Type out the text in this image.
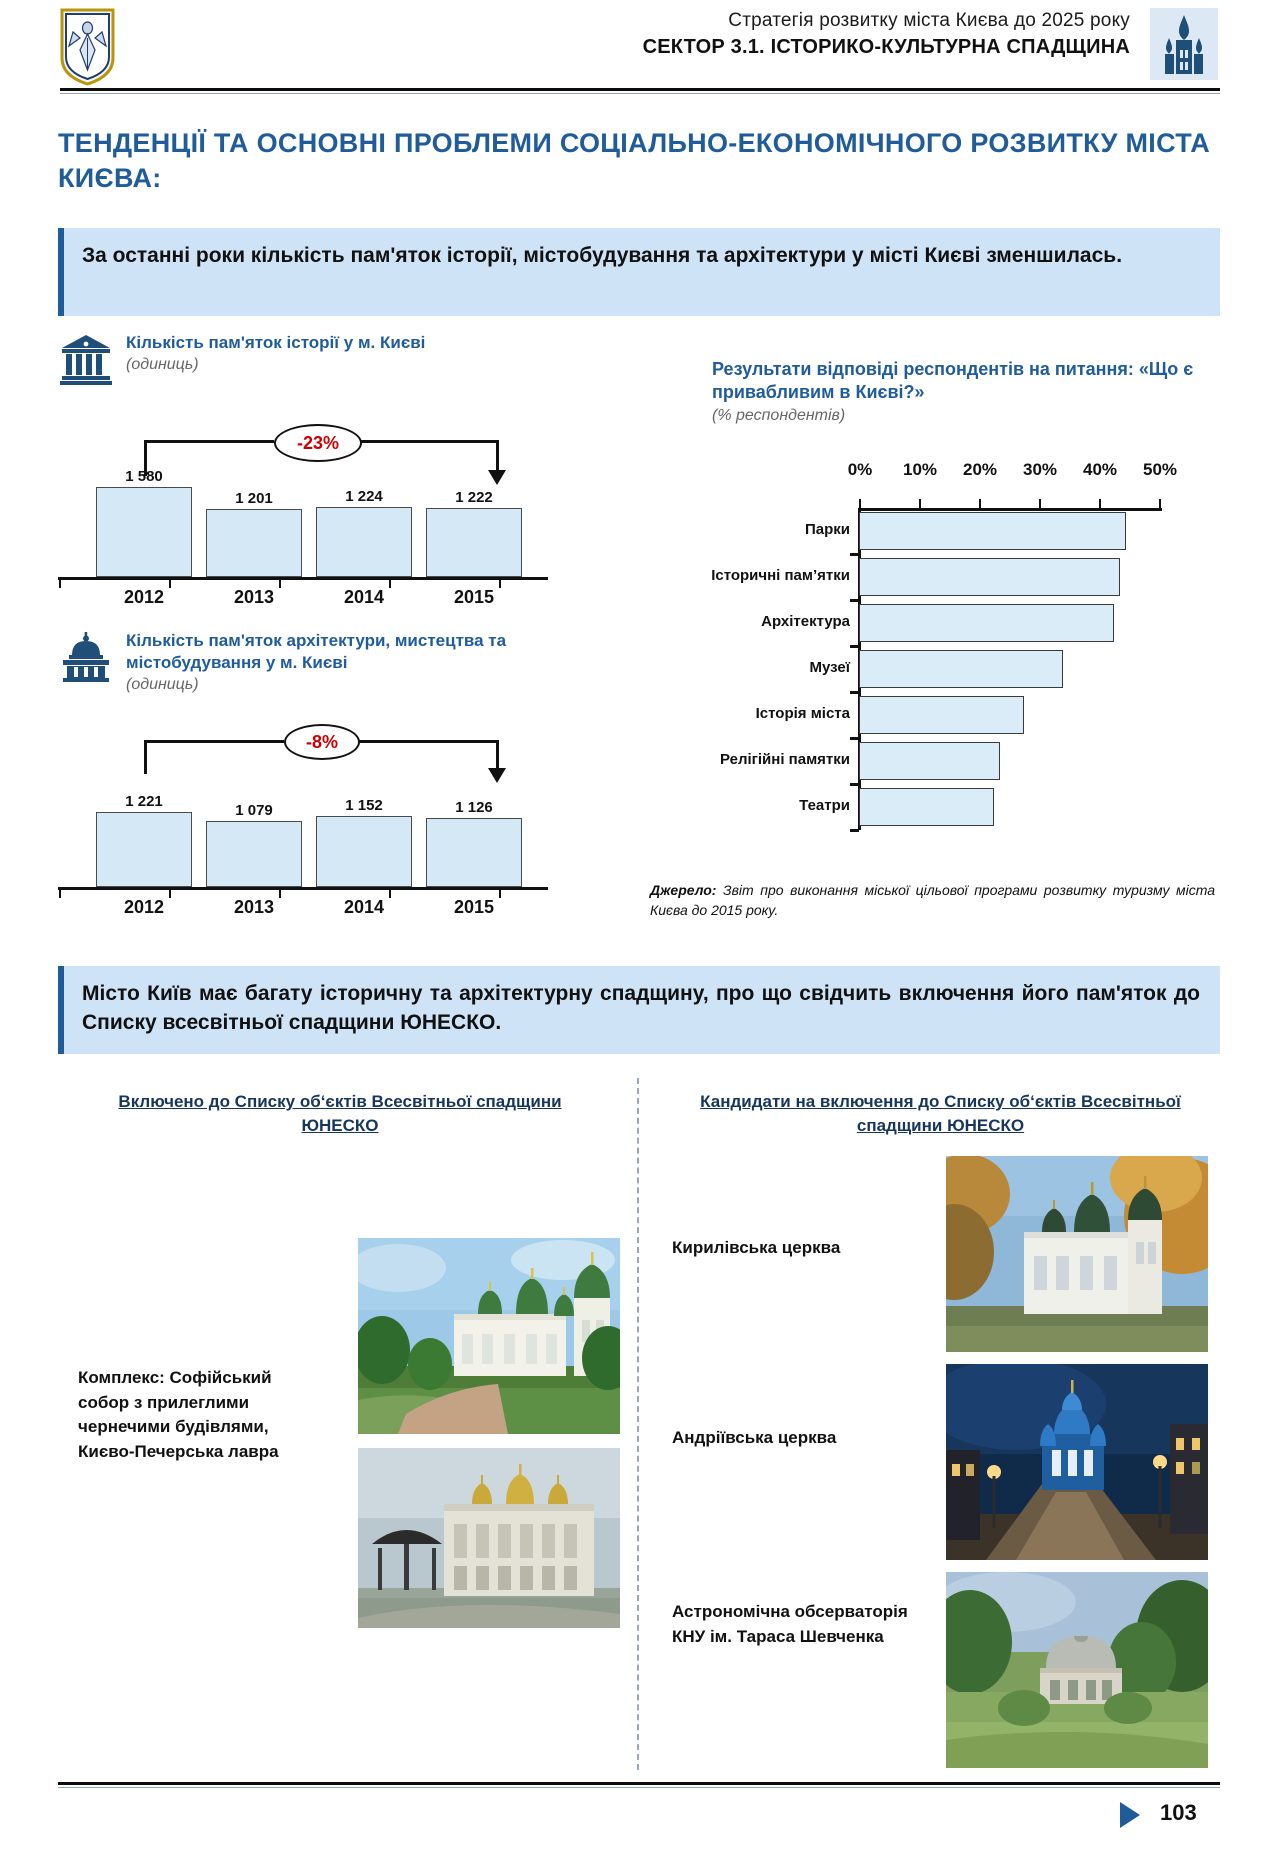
Стратегія розвитку міста Києва до 2025 року
СЕКТОР 3.1. ІСТОРИКО-КУЛЬТУРНА СПАДЩИНА
ТЕНДЕНЦІЇ ТА ОСНОВНІ ПРОБЛЕМИ СОЦІАЛЬНО-ЕКОНОМІЧНОГО РОЗВИТКУ МІСТА КИЄВА:
За останні роки кількість пам'яток історії, містобудування та архітектури у місті Києві зменшилась.
Кількість пам'яток історії у м. Києві
(одиниць)
-23%
1 580
1 201	1 224	1 222
2012	2013	2014	2015
Кількість пам'яток архітектури, мистецтва та містобудування у м. Києві
(одиниць)
-8%
1 221
1 079	1 152	1 126
2012	2013	2014	2015
Результати відповіді респондентів на питання: «Що є привабливим в Києві?»
(% респондентів)
0% 10% 20% 30% 40% 50%
Парки
Історичні пам’ятки
Архітектура
Музеї
Історія міста
Релігійні памятки
Театри
Джерело: Звіт про виконання міської цільової програми розвитку туризму міста Києва до 2015 року.
Місто Київ має багату історичну та архітектурну спадщину, про що свідчить включення його пам'яток до Списку всесвітньої спадщини ЮНЕСКО.
Включено до Списку об‘єктів Всесвітньої спадщини ЮНЕСКО
Кандидати на включення до Списку об‘єктів Всесвітньої спадщини ЮНЕСКО
Комплекс: Софійський собор з прилеглими чернечими будівлями, Києво-Печерська лавра
Кирилівська церква
Андріївська церква
Астрономічна обсерваторія КНУ ім. Тараса Шевченка
103
